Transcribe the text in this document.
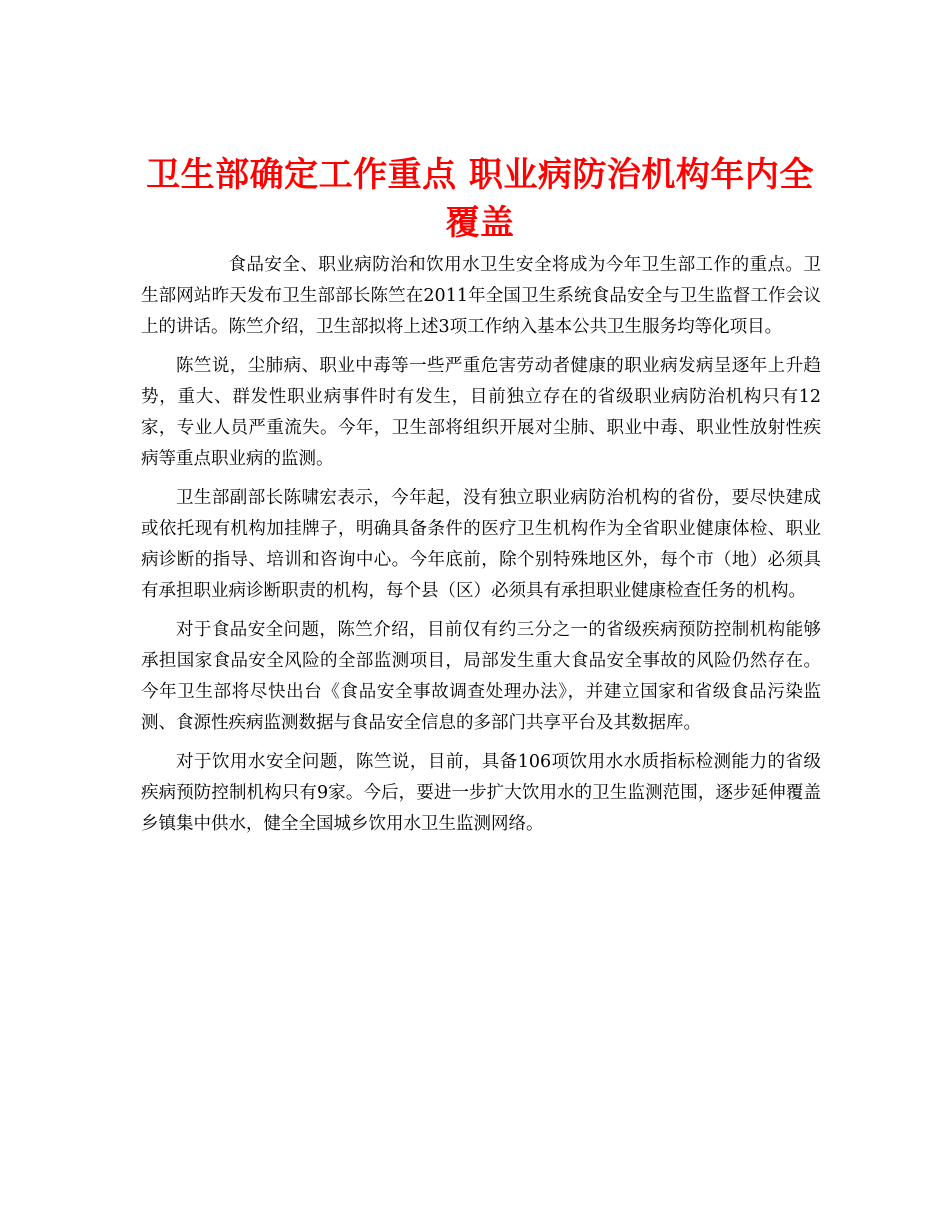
卫生部确定工作重点 职业病防治机构年内全覆盖

食品安全、职业病防治和饮用水卫生安全将成为今年卫生部工作的重点。卫生部网站昨天发布卫生部部长陈竺在2011年全国卫生系统食品安全与卫生监督工作会议上的讲话。陈竺介绍，卫生部拟将上述3项工作纳入基本公共卫生服务均等化项目。

陈竺说，尘肺病、职业中毒等一些严重危害劳动者健康的职业病发病呈逐年上升趋势，重大、群发性职业病事件时有发生，目前独立存在的省级职业病防治机构只有12家，专业人员严重流失。今年，卫生部将组织开展对尘肺、职业中毒、职业性放射性疾病等重点职业病的监测。

卫生部副部长陈啸宏表示，今年起，没有独立职业病防治机构的省份，要尽快建成或依托现有机构加挂牌子，明确具备条件的医疗卫生机构作为全省职业健康体检、职业病诊断的指导、培训和咨询中心。今年底前，除个别特殊地区外，每个市（地）必须具有承担职业病诊断职责的机构，每个县（区）必须具有承担职业健康检查任务的机构。

对于食品安全问题，陈竺介绍，目前仅有约三分之一的省级疾病预防控制机构能够承担国家食品安全风险的全部监测项目，局部发生重大食品安全事故的风险仍然存在。今年卫生部将尽快出台《食品安全事故调查处理办法》，并建立国家和省级食品污染监测、食源性疾病监测数据与食品安全信息的多部门共享平台及其数据库。

对于饮用水安全问题，陈竺说，目前，具备106项饮用水水质指标检测能力的省级疾病预防控制机构只有9家。今后，要进一步扩大饮用水的卫生监测范围，逐步延伸覆盖乡镇集中供水，健全全国城乡饮用水卫生监测网络。
